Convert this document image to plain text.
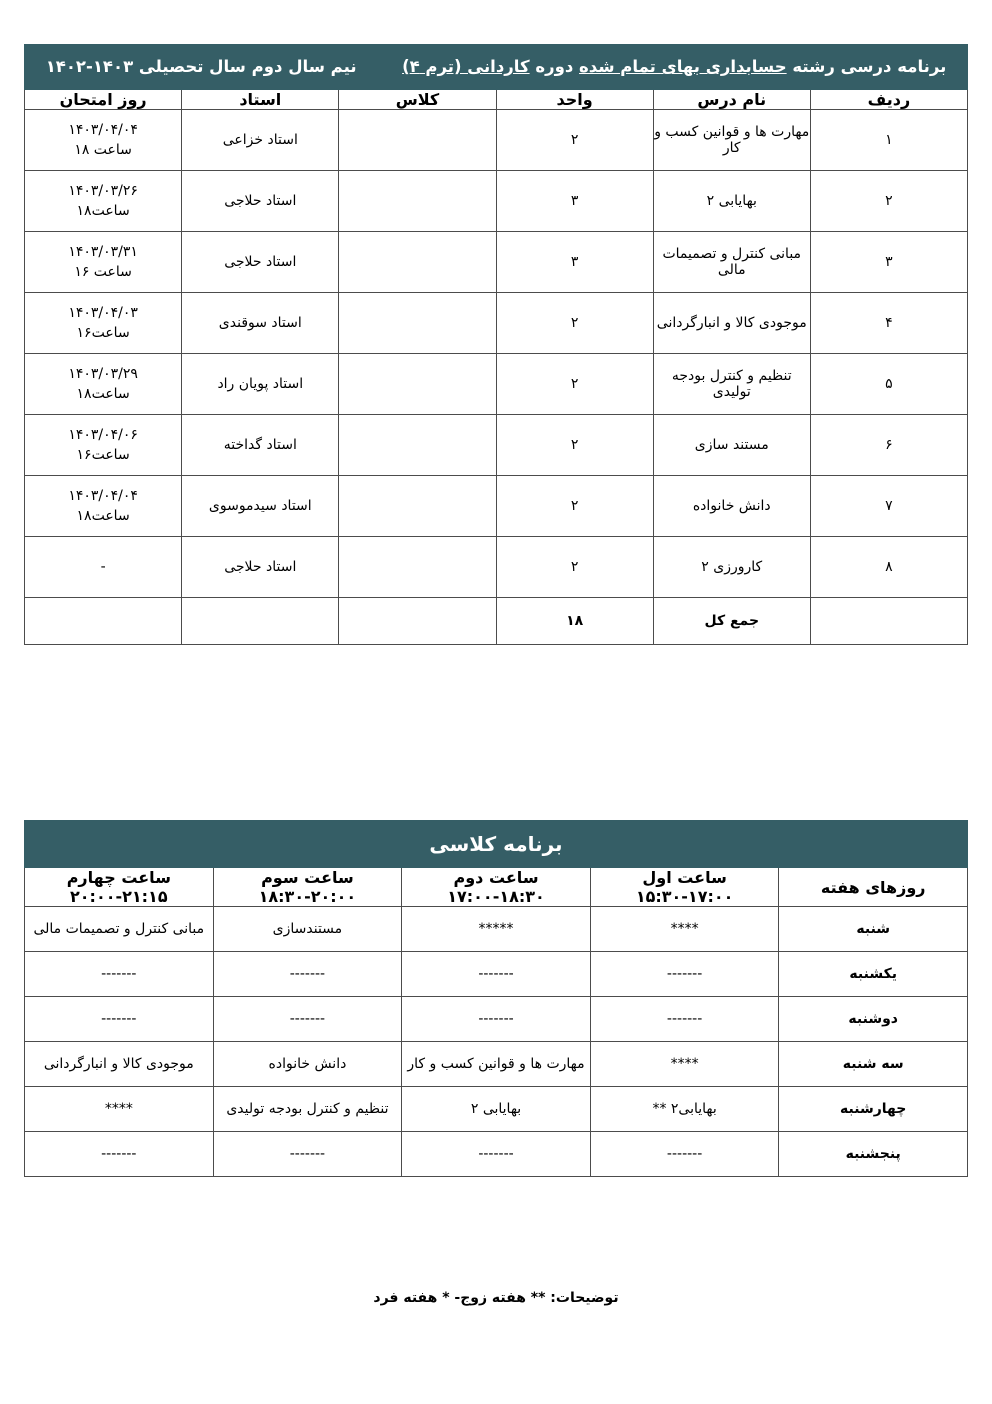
برنامه درسی رشته حسابداری بهای تمام شده دوره کاردانی (ترم ۴)  نیم سال دوم سال تحصیلی ۱۴۰۳-۱۴۰۲					
ردیف	نام درس	واحد	کلاس	استاد	روز امتحان
۱	مهارت ها و قوانین کسب و کار	۲		استاد خزاعی	۱۴۰۳/۰۴/۰۴
ساعت ۱۸

۲	بهایابی ۲	۳		استاد حلاجی	۱۴۰۳/۰۳/۲۶
ساعت۱۸

۳	مبانی کنترل و تصمیمات مالی	۳		استاد حلاجی	۱۴۰۳/۰۳/۳۱
ساعت ۱۶

۴	موجودی کالا و انبارگردانی	۲		استاد سوقندی	۱۴۰۳/۰۴/۰۳
ساعت۱۶

۵	تنظیم و کنترل بودجه تولیدی	۲		استاد پویان راد	۱۴۰۳/۰۳/۲۹
ساعت۱۸

۶	مستند سازی	۲		استاد گداخته	۱۴۰۳/۰۴/۰۶
ساعت۱۶

۷	دانش خانواده	۲		استاد سیدموسوی	۱۴۰۳/۰۴/۰۴
ساعت۱۸

۸	کارورزی ۲	۲		استاد حلاجی	-

	جمع کل	۱۸			
برنامه کلاسی				
روزهای هفته	ساعت اول ۱۷:۰۰-۱۵:۳۰	ساعت دوم ۱۸:۳۰-۱۷:۰۰	ساعت سوم ۲۰:۰۰-۱۸:۳۰	ساعت چهارم ۲۱:۱۵-۲۰:۰۰
شنبه	****	*****	مستندسازی	مبانی کنترل و تصمیمات مالی
یکشنبه	-------	-------	-------	-------
دوشنبه	-------	-------	-------	-------
سه شنبه	****	مهارت ها و قوانین کسب و کار	دانش خانواده	موجودی کالا و انبارگردانی
چهارشنبه	بهایابی۲ **	بهایابی ۲	تنظیم و کنترل بودجه تولیدی	****
پنجشنبه	-------	-------	-------	-------
توضیحات: ** هفته زوج- * هفته فرد
